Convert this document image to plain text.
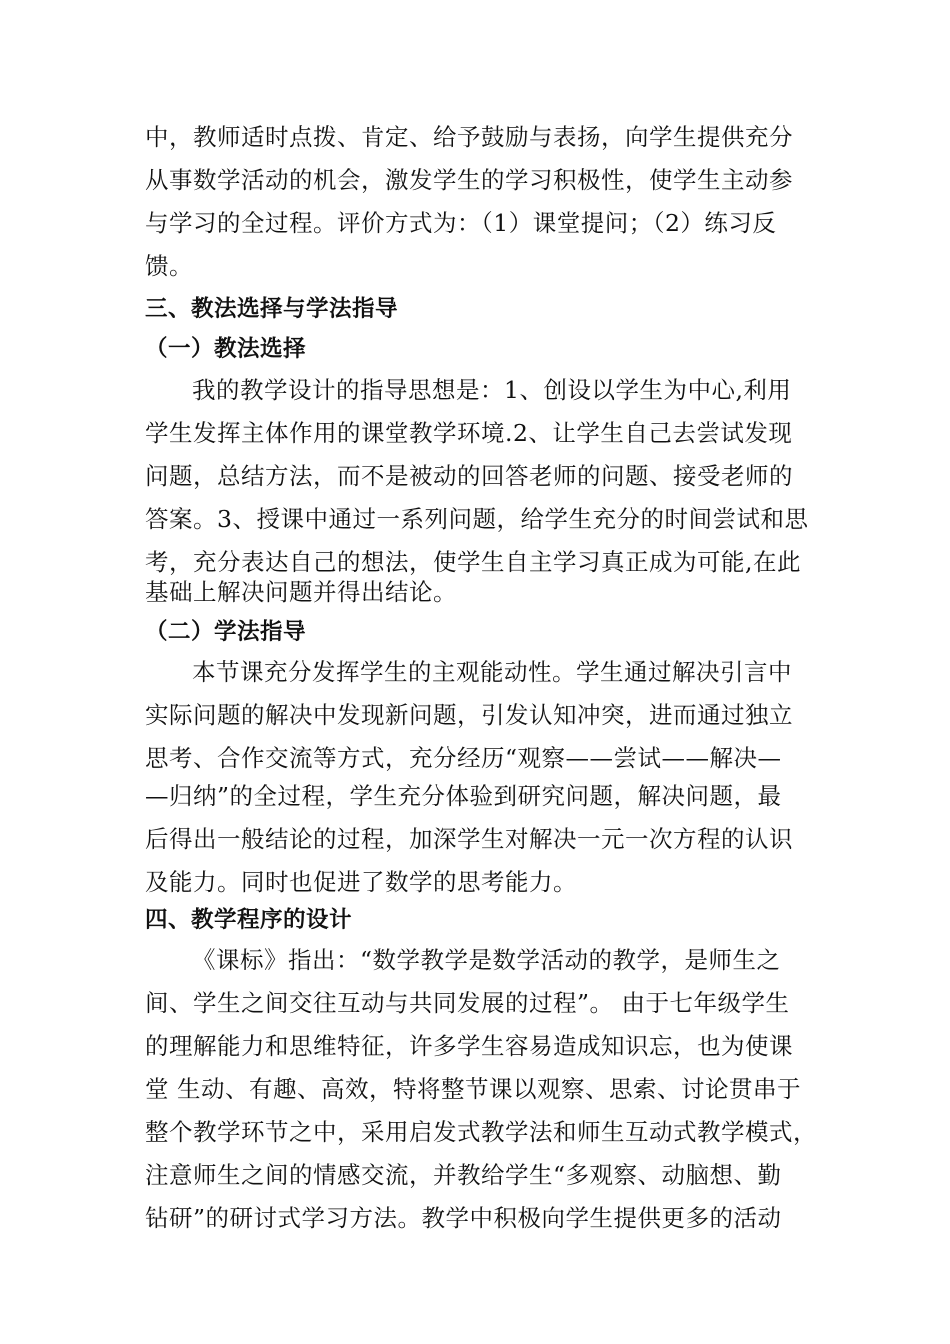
中，教师适时点拨、肯定、给予鼓励与表扬，向学生提供充分
从事数学活动的机会，激发学生的学习积极性，使学生主动参
与学习的全过程。评价方式为：（1）课堂提问；（2）练习反
馈。
三、教法选择与学法指导
（一）教法选择
我的教学设计的指导思想是：1、创设以学生为中心,利用
学生发挥主体作用的课堂教学环境.2、让学生自己去尝试发现
问题，总结方法，而不是被动的回答老师的问题、接受老师的
答案。3、授课中通过一系列问题，给学生充分的时间尝试和思
考，充分表达自己的想法，使学生自主学习真正成为可能,在此
基础上解决问题并得出结论。
（二）学法指导
本节课充分发挥学生的主观能动性。学生通过解决引言中
实际问题的解决中发现新问题，引发认知冲突，进而通过独立
思考、合作交流等方式，充分经历“观察——尝试——解决—
—归纳”的全过程，学生充分体验到研究问题，解决问题，最
后得出一般结论的过程，加深学生对解决一元一次方程的认识
及能力。同时也促进了数学的思考能力。
四、教学程序的设计
《课标》指出：“数学教学是数学活动的教学，是师生之
间、学生之间交往互动与共同发展的过程”。 由于七年级学生
的理解能力和思维特征，许多学生容易造成知识忘，也为使课
堂 生动、有趣、高效，特将整节课以观察、思索、讨论贯串于
整个教学环节之中，采用启发式教学法和师生互动式教学模式，
注意师生之间的情感交流，并教给学生“多观察、动脑想、勤
钻研”的研讨式学习方法。教学中积极向学生提供更多的活动
